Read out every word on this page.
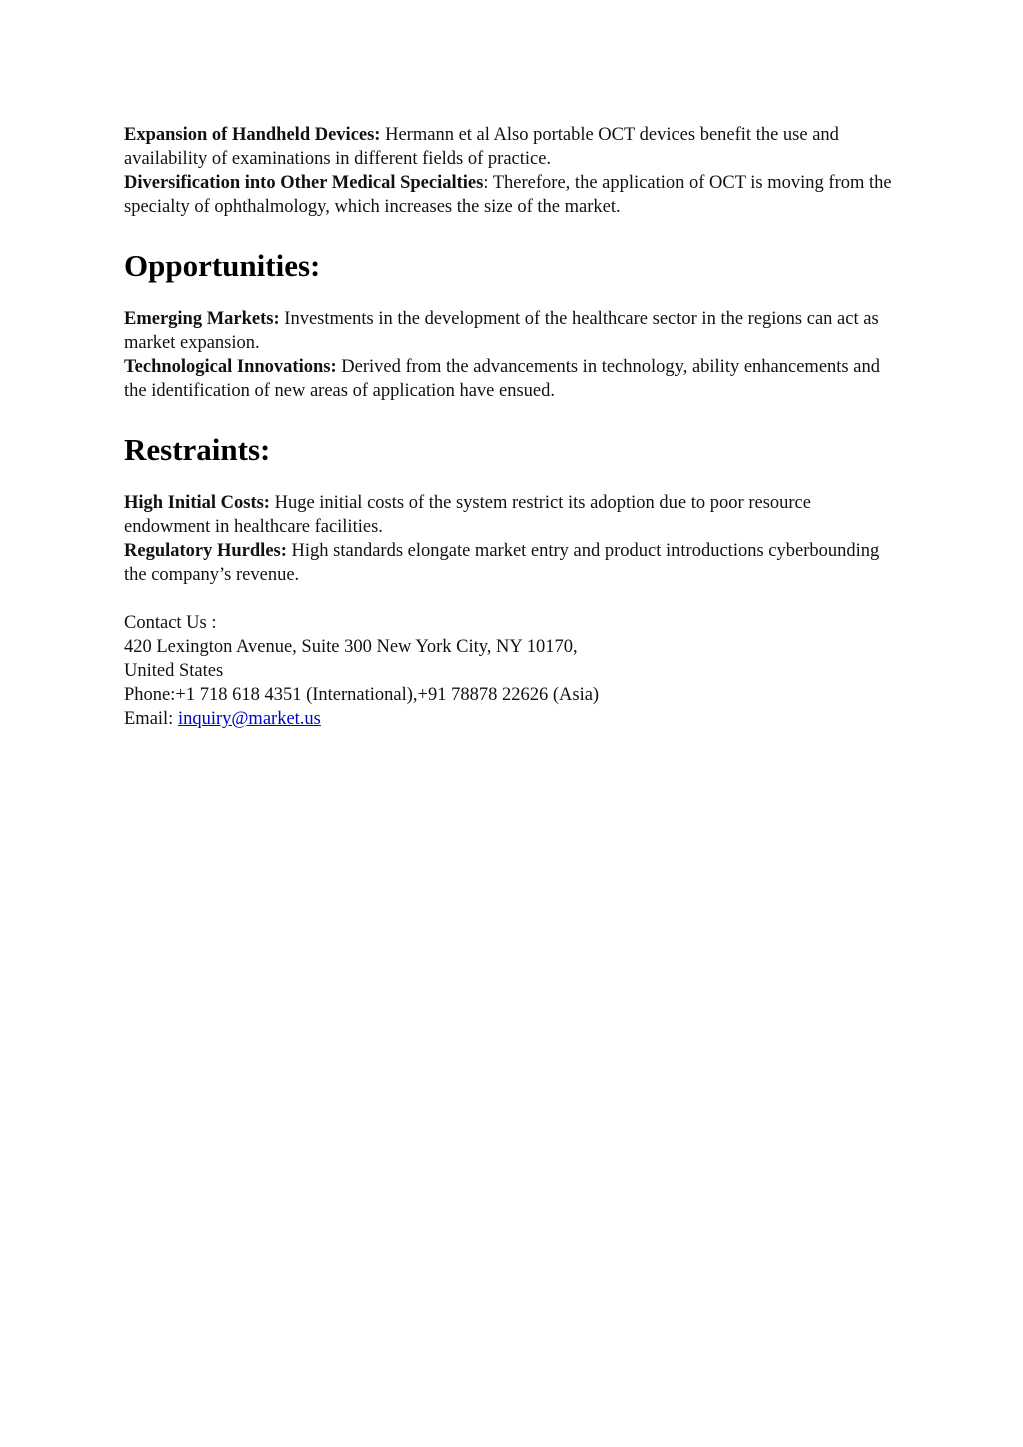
Expansion of Handheld Devices: Hermann et al Also portable OCT devices benefit the use and availability of examinations in different fields of practice.

Diversification into Other Medical Specialties: Therefore, the application of OCT is moving from the specialty of ophthalmology, which increases the size of the market.

Opportunities:

Emerging Markets: Investments in the development of the healthcare sector in the regions can act as market expansion.

Technological Innovations: Derived from the advancements in technology, ability enhancements and the identification of new areas of application have ensued.

Restraints:

High Initial Costs: Huge initial costs of the system restrict its adoption due to poor resource endowment in healthcare facilities.

Regulatory Hurdles: High standards elongate market entry and product introductions cyberbounding the company’s revenue.

Contact Us :

420 Lexington Avenue, Suite 300 New York City, NY 10170,

United States

Phone:+1 718 618 4351 (International),+91 78878 22626 (Asia)

Email: inquiry@market.us
